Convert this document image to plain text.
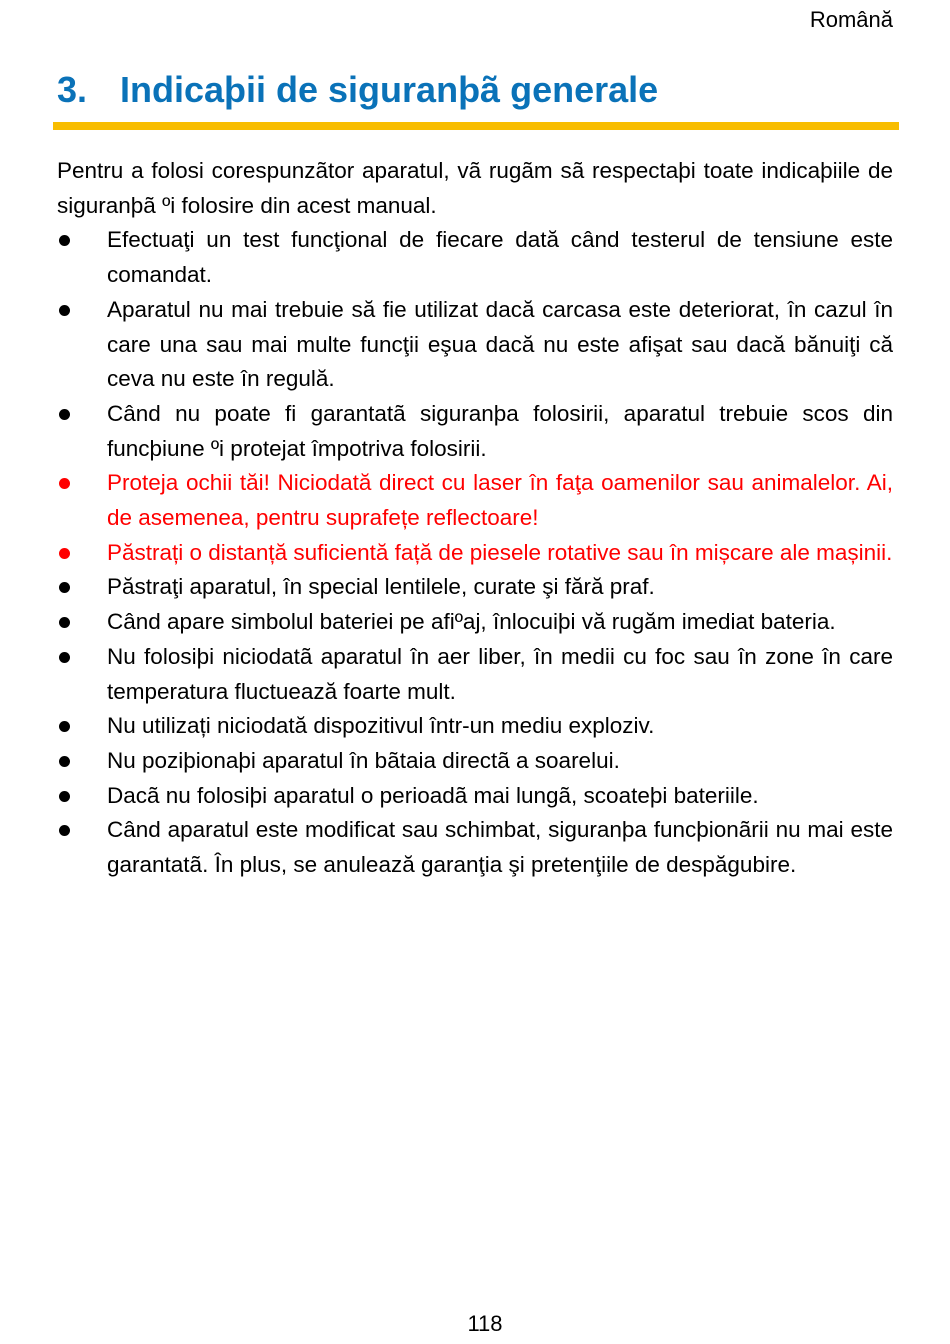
Română
3. Indicaþii de siguranþã generale

Pentru a folosi corespunzãtor aparatul, vã rugãm sã respectaþi toate indicaþiile de siguranþã ºi folosire din acest manual.

Efectuaţi un test funcţional de fiecare dată când testerul de tensiune este comandat.
Aparatul nu mai trebuie să fie utilizat dacă carcasa este deteriorat, în cazul în care una sau mai multe funcţii eşua dacă nu este afişat sau dacă bănuiţi că ceva nu este în regulă.
Când nu poate fi garantatã siguranþa folosirii, aparatul trebuie scos din funcþiune ºi protejat împotriva folosirii.
Proteja ochii tăi! Niciodată direct cu laser în faţa oamenilor sau animalelor. Ai, de asemenea, pentru suprafețe reflectoare!
Păstrați o distanță suficientă față de piesele rotative sau în mișcare ale mașinii.
Păstraţi aparatul, în special lentilele, curate şi fără praf.
Când apare simbolul bateriei pe afiºaj, înlocuiþi vă rugăm imediat bateria.
Nu folosiþi niciodatã aparatul în aer liber, în medii cu foc sau în zone în care temperatura fluctuează foarte mult.
Nu utilizați niciodată dispozitivul într-un mediu exploziv.
Nu poziþionaþi aparatul în bãtaia directã a soarelui.
Dacã nu folosiþi aparatul o perioadã mai lungã, scoateþi bateriile.
Când aparatul este modificat sau schimbat, siguranþa funcþionãrii nu mai este garantatã. În plus, se anulează garanţia şi pretenţiile de despăgubire.
118
